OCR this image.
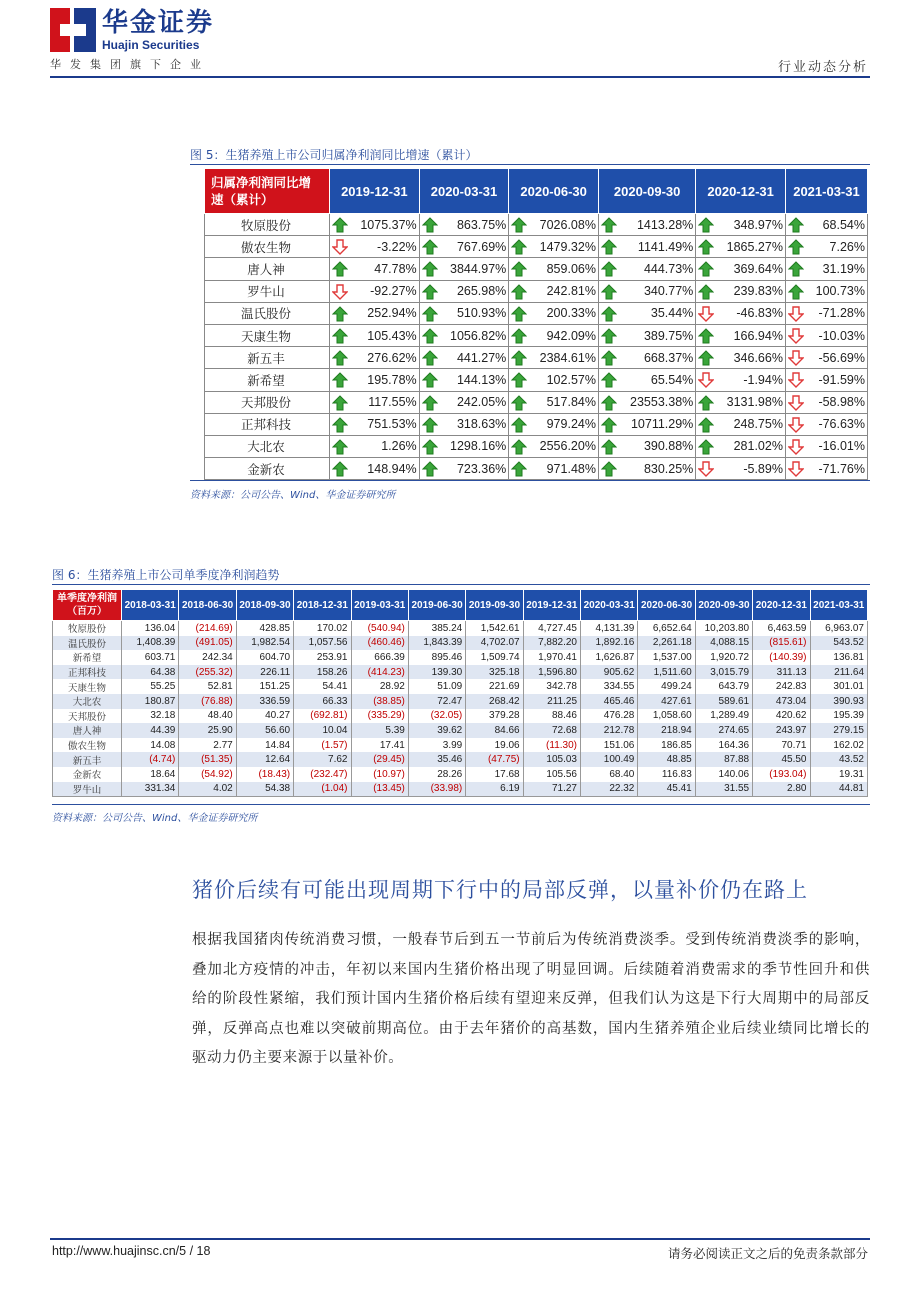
华金证券
Huajin Securities
华发集团旗下企业	行业动态分析
图 5：生猪养殖上市公司归属净利润同比增速（累计）
归属净利润同比增速（累计）	2019-12-31	2020-03-31	2020-06-30	2020-09-30	2020-12-31	2021-03-31
牧原股份	1075.37%	863.75%	7026.08%	1413.28%	348.97%	68.54%
傲农生物	-3.22%	767.69%	1479.32%	1141.49%	1865.27%	7.26%
唐人神	47.78%	3844.97%	859.06%	444.73%	369.64%	31.19%
罗牛山	-92.27%	265.98%	242.81%	340.77%	239.83%	100.73%
温氏股份	252.94%	510.93%	200.33%	35.44%	-46.83%	-71.28%
天康生物	105.43%	1056.82%	942.09%	389.75%	166.94%	-10.03%
新五丰	276.62%	441.27%	2384.61%	668.37%	346.66%	-56.69%
新希望	195.78%	144.13%	102.57%	65.54%	-1.94%	-91.59%
天邦股份	117.55%	242.05%	517.84%	23553.38%	3131.98%	-58.98%
正邦科技	751.53%	318.63%	979.24%	10711.29%	248.75%	-76.63%
大北农	1.26%	1298.16%	2556.20%	390.88%	281.02%	-16.01%
金新农	148.94%	723.36%	971.48%	830.25%	-5.89%	-71.76%
资料来源：公司公告、Wind、华金证券研究所
图 6：生猪养殖上市公司单季度净利润趋势
单季度净利润（百万）	2018-03-31	2018-06-30	2018-09-30	2018-12-31	2019-03-31	2019-06-30	2019-09-30	2019-12-31	2020-03-31	2020-06-30	2020-09-30	2020-12-31	2021-03-31
牧原股份	136.04	(214.69)	428.85	170.02	(540.94)	385.24	1,542.61	4,727.45	4,131.39	6,652.64	10,203.80	6,463.59	6,963.07
温氏股份	1,408.39	(491.05)	1,982.54	1,057.56	(460.46)	1,843.39	4,702.07	7,882.20	1,892.16	2,261.18	4,088.15	(815.61)	543.52
新希望	603.71	242.34	604.70	253.91	666.39	895.46	1,509.74	1,970.41	1,626.87	1,537.00	1,920.72	(140.39)	136.81
正邦科技	64.38	(255.32)	226.11	158.26	(414.23)	139.30	325.18	1,596.80	905.62	1,511.60	3,015.79	311.13	211.64
天康生物	55.25	52.81	151.25	54.41	28.92	51.09	221.69	342.78	334.55	499.24	643.79	242.83	301.01
大北农	180.87	(76.88)	336.59	66.33	(38.85)	72.47	268.42	211.25	465.46	427.61	589.61	473.04	390.93
天邦股份	32.18	48.40	40.27	(692.81)	(335.29)	(32.05)	379.28	88.46	476.28	1,058.60	1,289.49	420.62	195.39
唐人神	44.39	25.90	56.60	10.04	5.39	39.62	84.66	72.68	212.78	218.94	274.65	243.97	279.15
傲农生物	14.08	2.77	14.84	(1.57)	17.41	3.99	19.06	(11.30)	151.06	186.85	164.36	70.71	162.02
新五丰	(4.74)	(51.35)	12.64	7.62	(29.45)	35.46	(47.75)	105.03	100.49	48.85	87.88	45.50	43.52
金新农	18.64	(54.92)	(18.43)	(232.47)	(10.97)	28.26	17.68	105.56	68.40	116.83	140.06	(193.04)	19.31
罗牛山	331.34	4.02	54.38	(1.04)	(13.45)	(33.98)	6.19	71.27	22.32	45.41	31.55	2.80	44.81
资料来源：公司公告、Wind、华金证券研究所
猪价后续有可能出现周期下行中的局部反弹，以量补价仍在路上
根据我国猪肉传统消费习惯，一般春节后到五一节前后为传统消费淡季。受到传统消费淡季的影响，叠加北方疫情的冲击，年初以来国内生猪价格出现了明显回调。后续随着消费需求的季节性回升和供给的阶段性紧缩，我们预计国内生猪价格后续有望迎来反弹，但我们认为这是下行大周期中的局部反弹，反弹高点也难以突破前期高位。由于去年猪价的高基数，国内生猪养殖企业后续业绩同比增长的驱动力仍主要来源于以量补价。
http://www.huajinsc.cn/5 / 18	请务必阅读正文之后的免责条款部分
